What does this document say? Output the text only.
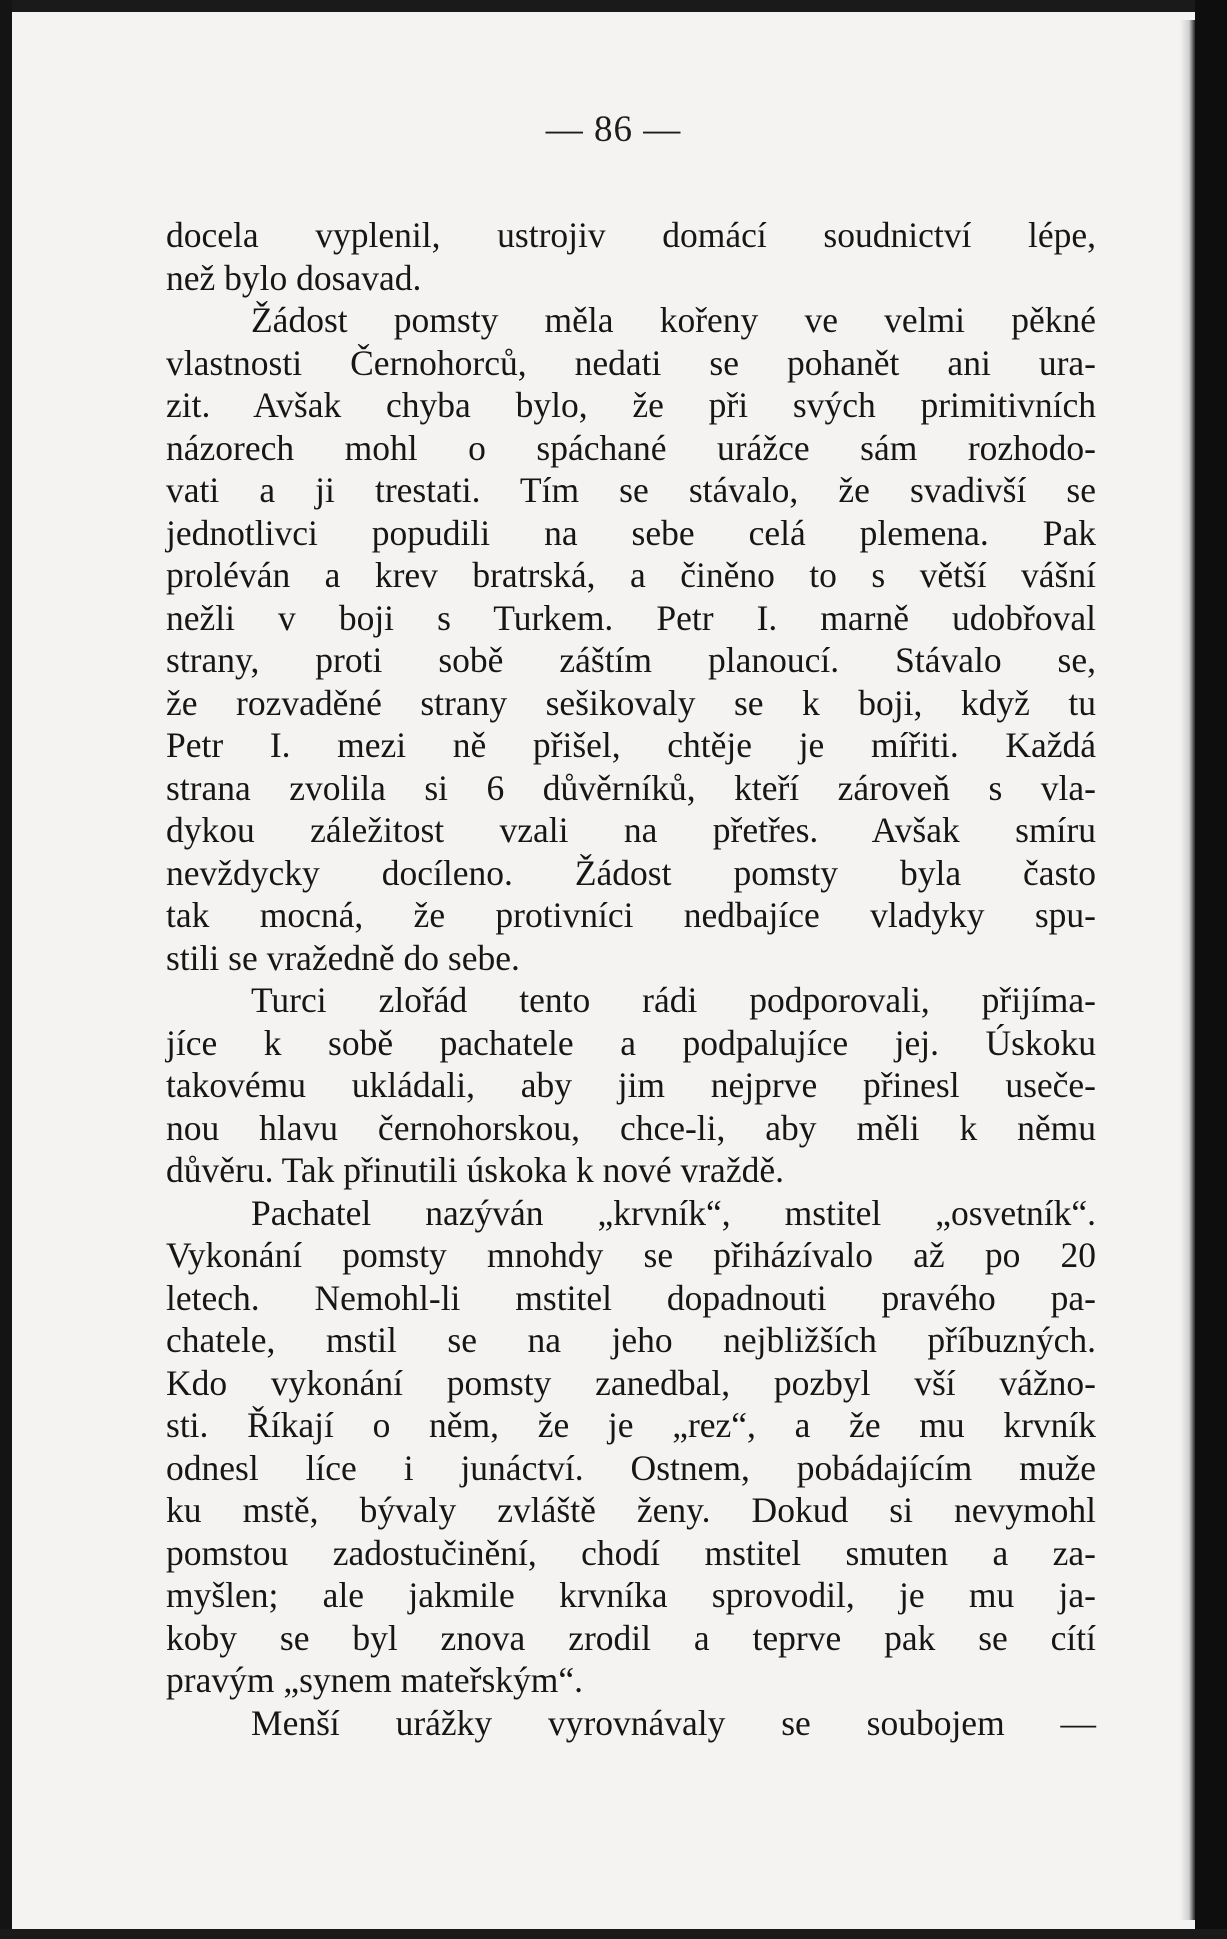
— 86 —
docela vyplenil, ustrojiv domácí soudnictví lépe,
než bylo dosavad.
Žádost pomsty měla kořeny ve velmi pěkné
vlastnosti Černohorců, nedati se pohanět ani ura-
zit. Avšak chyba bylo, že při svých primitivních
názorech mohl o spáchané urážce sám rozhodo-
vati a ji trestati. Tím se stávalo, že svadivší se
jednotlivci popudili na sebe celá plemena. Pak
proléván a krev bratrská, a činěno to s větší vášní
nežli v boji s Turkem. Petr I. marně udobřoval
strany, proti sobě záštím planoucí. Stávalo se,
že rozvaděné strany sešikovaly se k boji, když tu
Petr I. mezi ně přišel, chtěje je mířiti. Každá
strana zvolila si 6 důvěrníků, kteří zároveň s vla-
dykou záležitost vzali na přetřes. Avšak smíru
nevždycky docíleno. Žádost pomsty byla často
tak mocná, že protivníci nedbajíce vladyky spu-
stili se vražedně do sebe.
Turci zlořád tento rádi podporovali, přijíma-
jíce k sobě pachatele a podpalujíce jej. Úskoku
takovému ukládali, aby jim nejprve přinesl useče-
nou hlavu černohorskou, chce-li, aby měli k němu
důvěru. Tak přinutili úskoka k nové vraždě.
Pachatel nazýván „krvník“, mstitel „osvetník“.
Vykonání pomsty mnohdy se přiházívalo až po 20
letech. Nemohl-li mstitel dopadnouti pravého pa-
chatele, mstil se na jeho nejbližších příbuzných.
Kdo vykonání pomsty zanedbal, pozbyl vší vážno-
sti. Říkají o něm, že je „rez“, a že mu krvník
odnesl líce i junáctví. Ostnem, pobádajícím muže
ku mstě, bývaly zvláště ženy. Dokud si nevymohl
pomstou zadostučinění, chodí mstitel smuten a za-
myšlen; ale jakmile krvníka sprovodil, je mu ja-
koby se byl znova zrodil a teprve pak se cítí
pravým „synem mateřským“.
Menší urážky vyrovnávaly se soubojem —
